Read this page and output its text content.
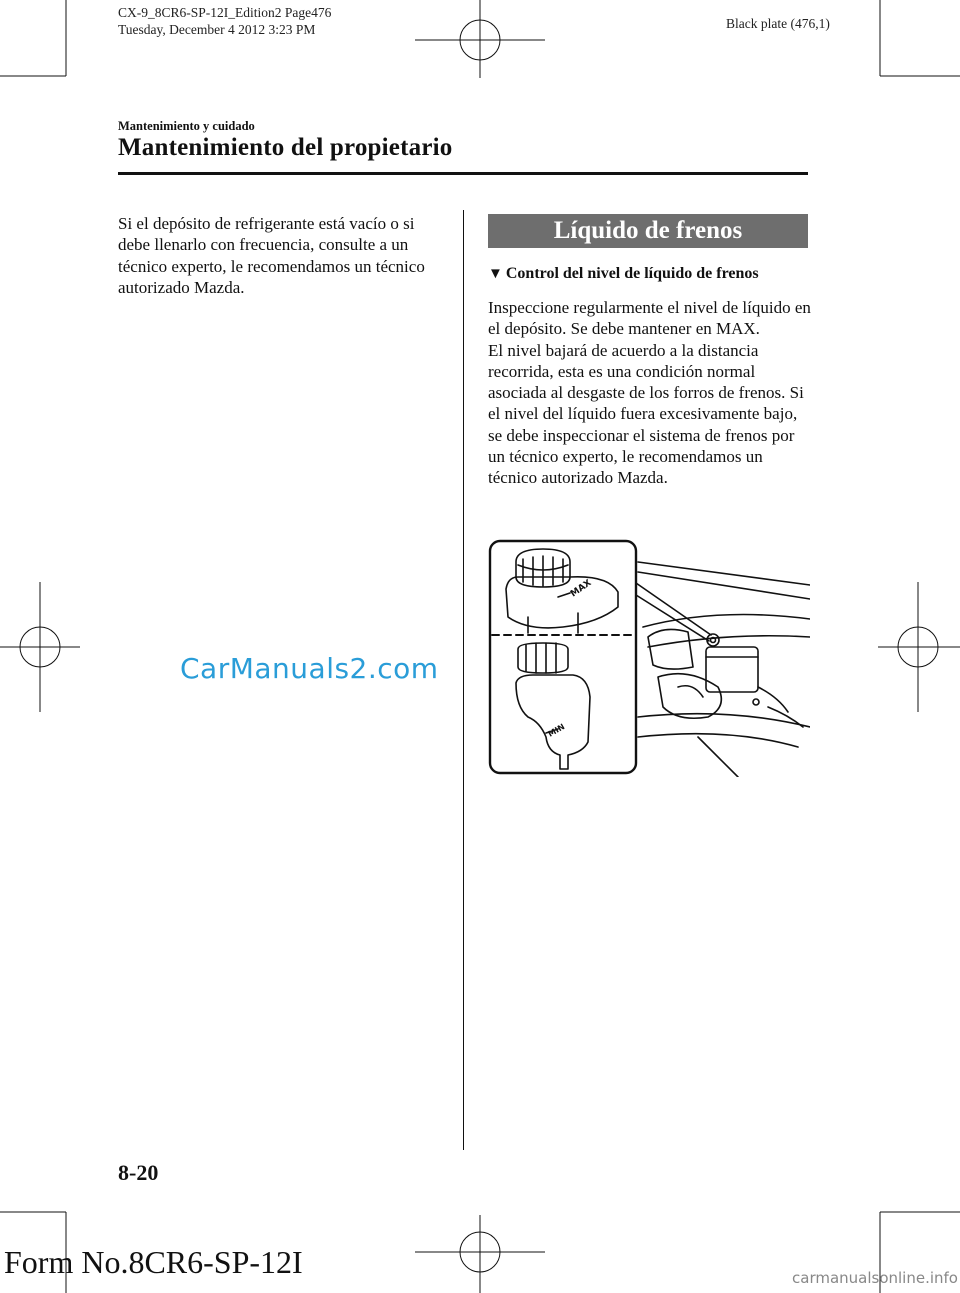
CX-9_8CR6-SP-12I_Edition2 Page476
Tuesday, December 4 2012 3:23 PM	Black plate (476,1)
Mantenimiento y cuidado
Mantenimiento del propietario
Si el depósito de refrigerante está vacío o si debe llenarlo con frecuencia, consulte a un técnico experto, le recomendamos un técnico autorizado Mazda.
Líquido de frenos
▼ Control del nivel de líquido de frenos
Inspeccione regularmente el nivel de líquido en el depósito. Se debe mantener en MAX.
El nivel bajará de acuerdo a la distancia recorrida, esta es una condición normal asociada al desgaste de los forros de frenos. Si el nivel del líquido fuera excesivamente bajo, se debe inspeccionar el sistema de frenos por un técnico experto, le recomendamos un técnico autorizado Mazda.
MAX
MIN
CarManuals2.com
8-20
Form No.8CR6-SP-12I	carmanualsonline.info
